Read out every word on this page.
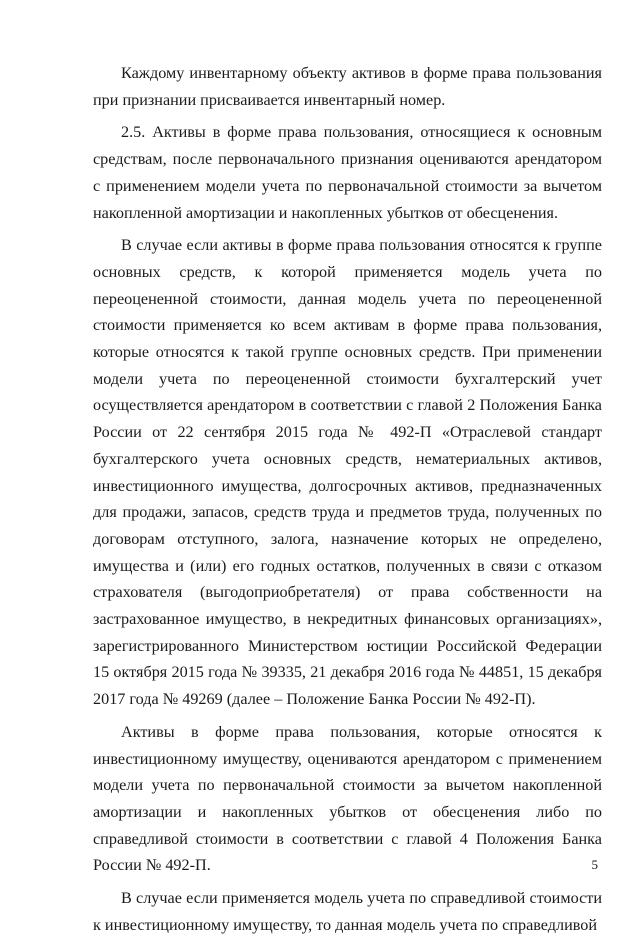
Каждому инвентарному объекту активов в форме права пользования при признании присваивается инвентарный номер.

2.5. Активы в форме права пользования, относящиеся к основным средствам, после первоначального признания оцениваются арендатором с применением модели учета по первоначальной стоимости за вычетом накопленной амортизации и накопленных убытков от обесценения.

В случае если активы в форме права пользования относятся к группе основных средств, к которой применяется модель учета по переоцененной стоимости, данная модель учета по переоцененной стоимости применяется ко всем активам в форме права пользования, которые относятся к такой группе основных средств. При применении модели учета по переоцененной стоимости бухгалтерский учет осуществляется арендатором в соответствии с главой 2 Положения Банка России от 22 сентября 2015 года № 492-П «Отраслевой стандарт бухгалтерского учета основных средств, нематериальных активов, инвестиционного имущества, долгосрочных активов, предназначенных для продажи, запасов, средств труда и предметов труда, полученных по договорам отступного, залога, назначение которых не определено, имущества и (или) его годных остатков, полученных в связи с отказом страхователя (выгодоприобретателя) от права собственности на застрахованное имущество, в некредитных финансовых организациях», зарегистрированного Министерством юстиции Российской Федерации 15 октября 2015 года № 39335, 21 декабря 2016 года № 44851, 15 декабря 2017 года № 49269 (далее – Положение Банка России № 492-П).

Активы в форме права пользования, которые относятся к инвестиционному имуществу, оцениваются арендатором с применением модели учета по первоначальной стоимости за вычетом накопленной амортизации и накопленных убытков от обесценения либо по справедливой стоимости в соответствии с главой 4 Положения Банка России № 492-П.

В случае если применяется модель учета по справедливой стоимости к инвестиционному имуществу, то данная модель учета по справедливой

5
